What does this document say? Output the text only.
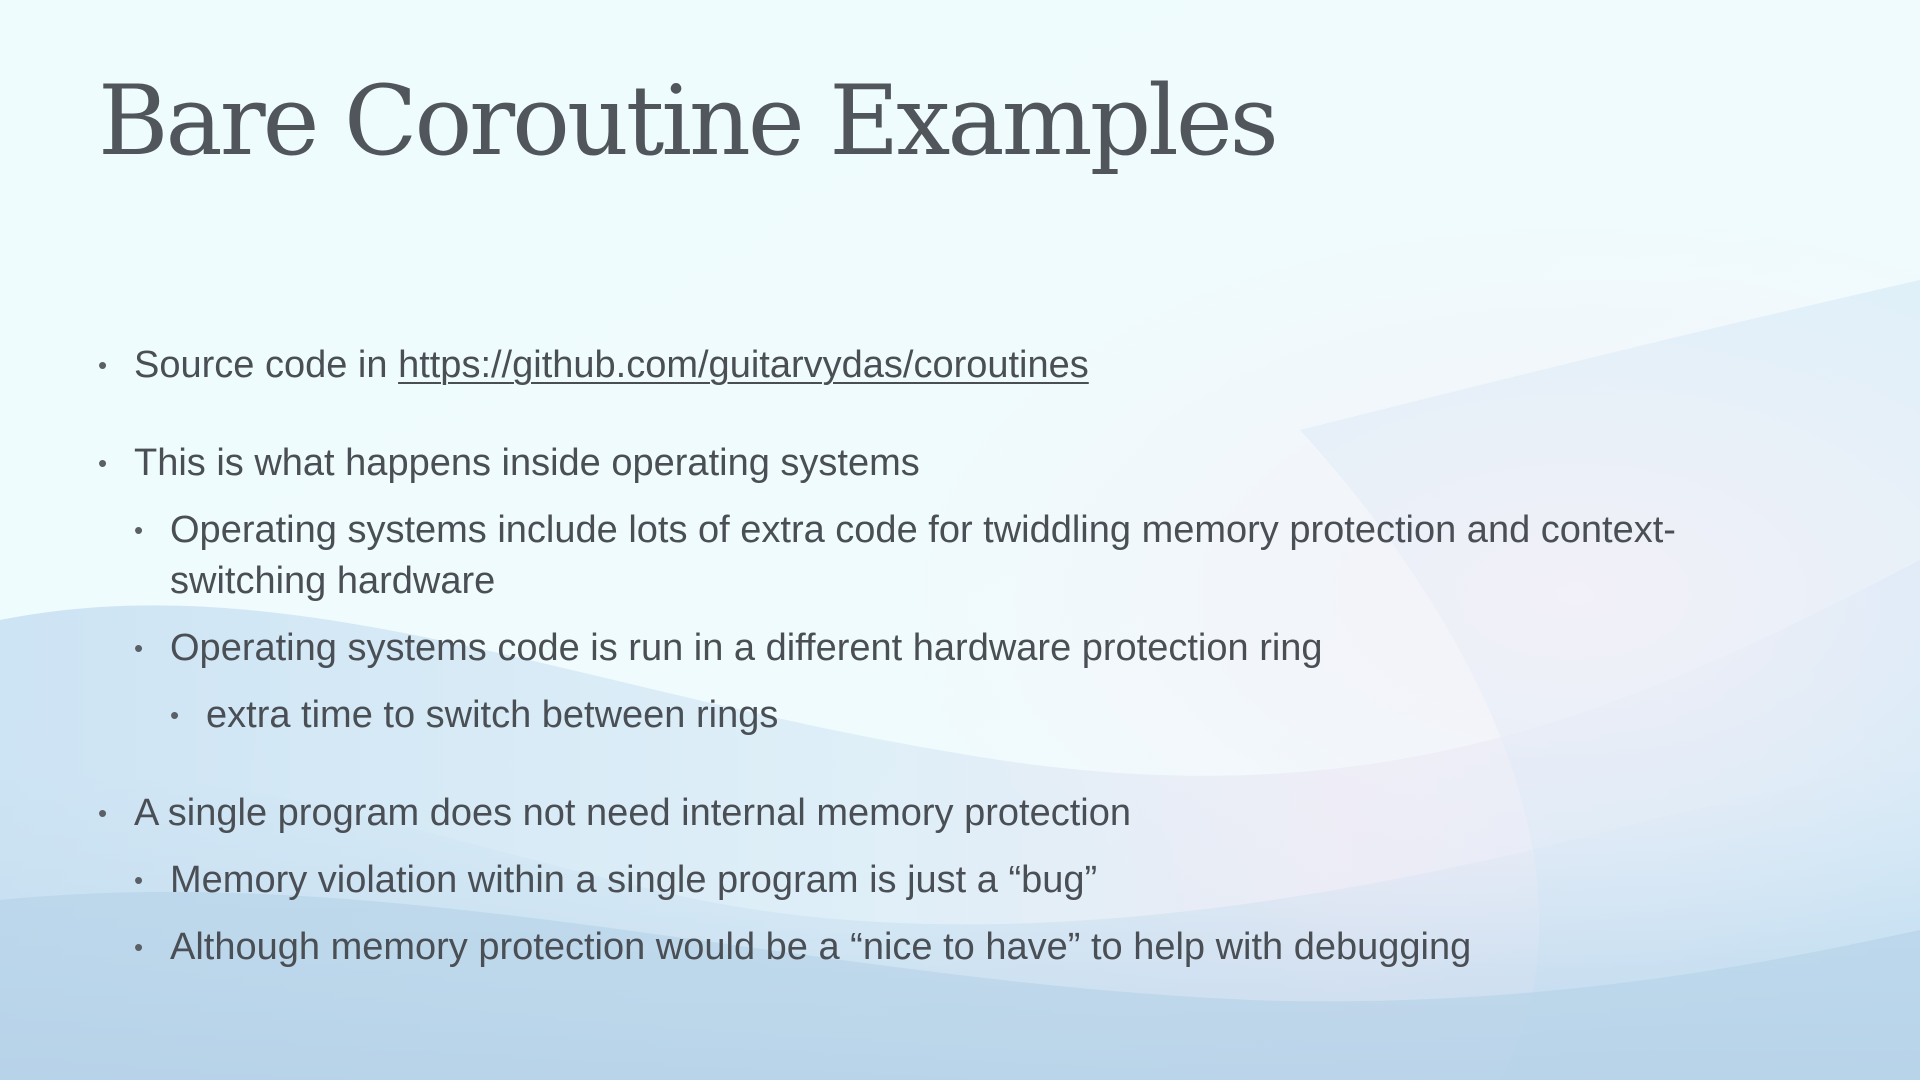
Bare Coroutine Examples
• Source code in https://github.com/guitarvydas/coroutines
• This is what happens inside operating systems
• Operating systems include lots of extra code for twiddling memory protection and context-switching hardware
• Operating systems code is run in a different hardware protection ring
• extra time to switch between rings
• A single program does not need internal memory protection
• Memory violation within a single program is just a “bug”
• Although memory protection would be a “nice to have” to help with debugging
